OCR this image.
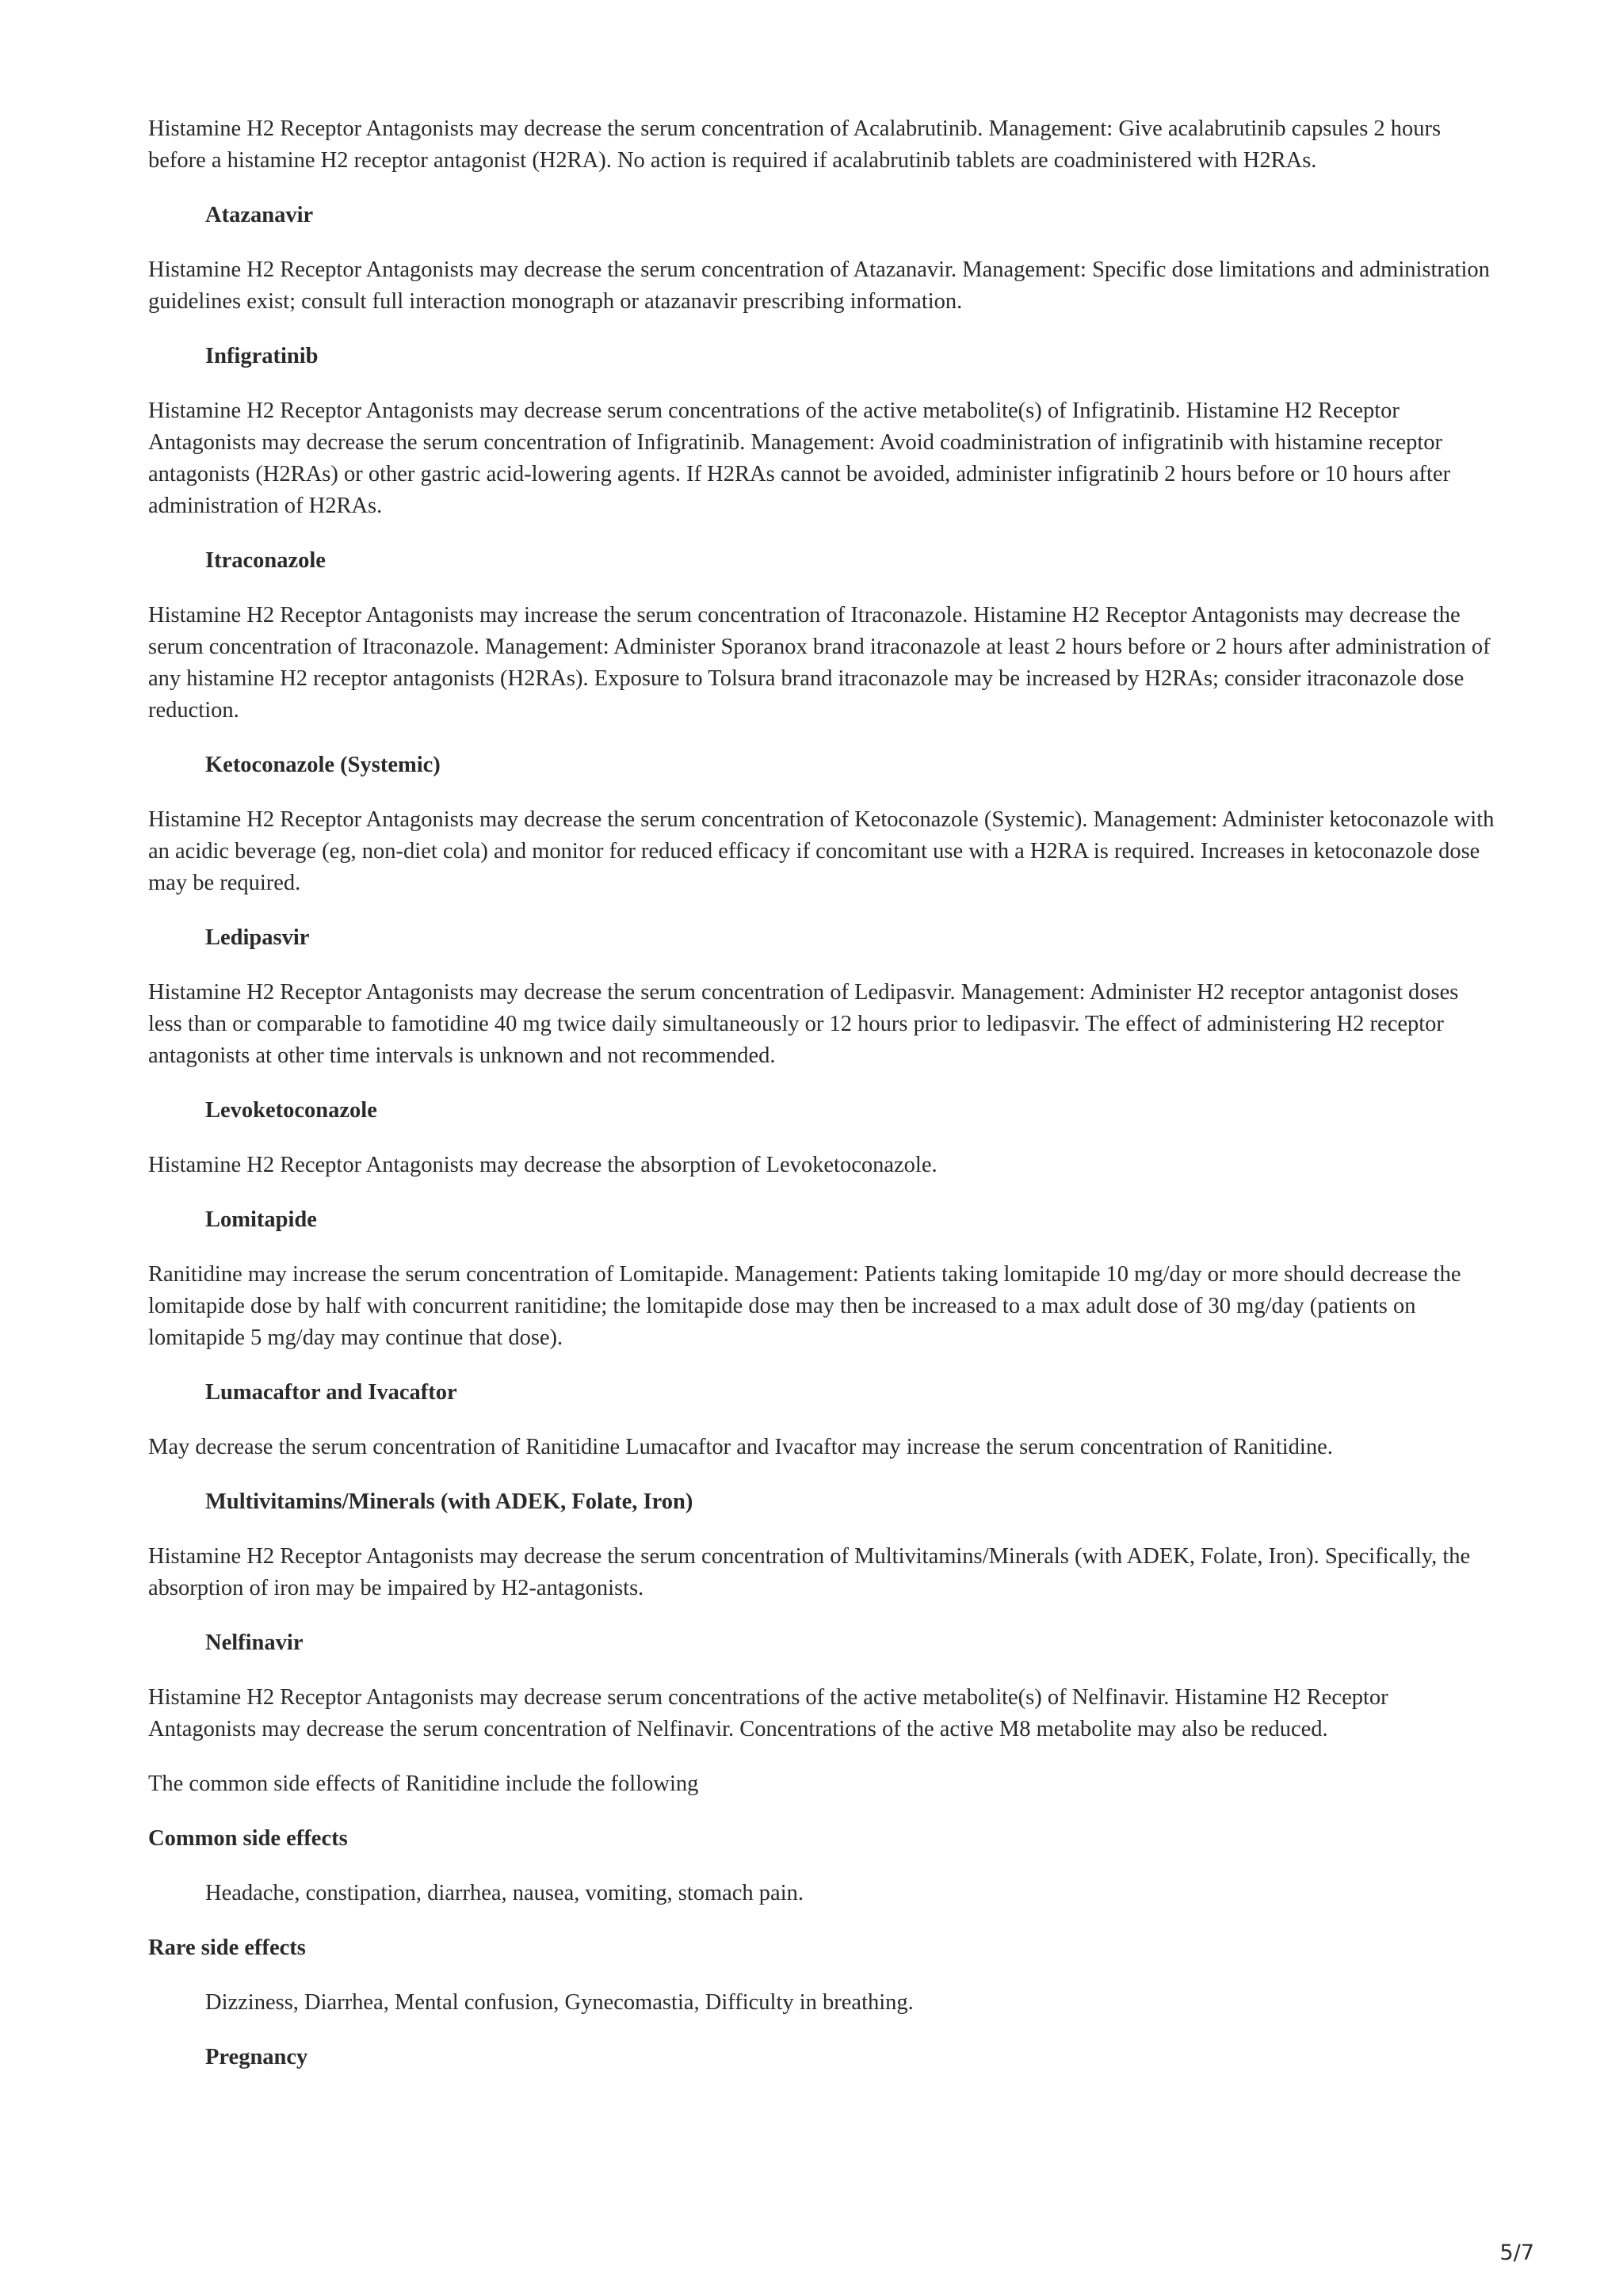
Histamine H2 Receptor Antagonists may decrease the serum concentration of Acalabrutinib. Management: Give acalabrutinib capsules 2 hours before a histamine H2 receptor antagonist (H2RA). No action is required if acalabrutinib tablets are coadministered with H2RAs.

Atazanavir

Histamine H2 Receptor Antagonists may decrease the serum concentration of Atazanavir. Management: Specific dose limitations and administration guidelines exist; consult full interaction monograph or atazanavir prescribing information.

Infigratinib

Histamine H2 Receptor Antagonists may decrease serum concentrations of the active metabolite(s) of Infigratinib. Histamine H2 Receptor Antagonists may decrease the serum concentration of Infigratinib. Management: Avoid coadministration of infigratinib with histamine receptor antagonists (H2RAs) or other gastric acid-lowering agents. If H2RAs cannot be avoided, administer infigratinib 2 hours before or 10 hours after administration of H2RAs.

Itraconazole

Histamine H2 Receptor Antagonists may increase the serum concentration of Itraconazole. Histamine H2 Receptor Antagonists may decrease the serum concentration of Itraconazole. Management: Administer Sporanox brand itraconazole at least 2 hours before or 2 hours after administration of any histamine H2 receptor antagonists (H2RAs). Exposure to Tolsura brand itraconazole may be increased by H2RAs; consider itraconazole dose reduction.

Ketoconazole (Systemic)

Histamine H2 Receptor Antagonists may decrease the serum concentration of Ketoconazole (Systemic). Management: Administer ketoconazole with an acidic beverage (eg, non-diet cola) and monitor for reduced efficacy if concomitant use with a H2RA is required. Increases in ketoconazole dose may be required.

Ledipasvir

Histamine H2 Receptor Antagonists may decrease the serum concentration of Ledipasvir. Management: Administer H2 receptor antagonist doses less than or comparable to famotidine 40 mg twice daily simultaneously or 12 hours prior to ledipasvir. The effect of administering H2 receptor antagonists at other time intervals is unknown and not recommended.

Levoketoconazole

Histamine H2 Receptor Antagonists may decrease the absorption of Levoketoconazole.

Lomitapide

Ranitidine may increase the serum concentration of Lomitapide. Management: Patients taking lomitapide 10 mg/day or more should decrease the lomitapide dose by half with concurrent ranitidine; the lomitapide dose may then be increased to a max adult dose of 30 mg/day (patients on lomitapide 5 mg/day may continue that dose).

Lumacaftor and Ivacaftor

May decrease the serum concentration of Ranitidine Lumacaftor and Ivacaftor may increase the serum concentration of Ranitidine.

Multivitamins/Minerals (with ADEK, Folate, Iron)

Histamine H2 Receptor Antagonists may decrease the serum concentration of Multivitamins/Minerals (with ADEK, Folate, Iron). Specifically, the absorption of iron may be impaired by H2-antagonists.

Nelfinavir

Histamine H2 Receptor Antagonists may decrease serum concentrations of the active metabolite(s) of Nelfinavir. Histamine H2 Receptor Antagonists may decrease the serum concentration of Nelfinavir. Concentrations of the active M8 metabolite may also be reduced.

The common side effects of Ranitidine include the following

Common side effects

Headache, constipation, diarrhea, nausea, vomiting, stomach pain.

Rare side effects

Dizziness, Diarrhea, Mental confusion, Gynecomastia, Difficulty in breathing.

Pregnancy

5/7
